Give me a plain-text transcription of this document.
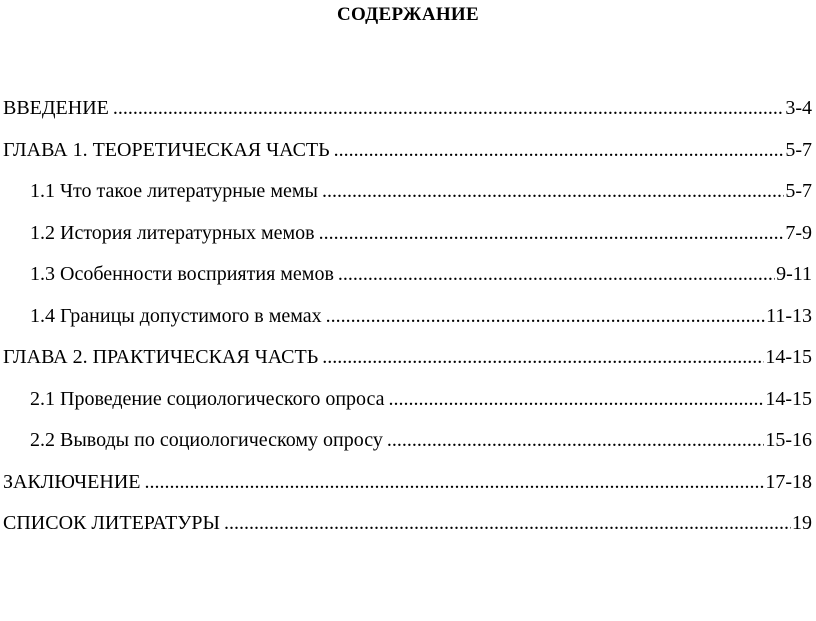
СОДЕРЖАНИЕ
ВВЕДЕНИЕ .....	3-4
ГЛАВА 1. ТЕОРЕТИЧЕСКАЯ ЧАСТЬ .....	5-7
1.1 Что такое литературные мемы .....	5-7
1.2 История литературных мемов .....	7-9
1.3 Особенности восприятия мемов .....	9-11
1.4 Границы допустимого в мемах .....	11-13
ГЛАВА 2. ПРАКТИЧЕСКАЯ ЧАСТЬ .....	14-15
2.1 Проведение социологического опроса .....	14-15
2.2 Выводы по социологическому опросу .....	15-16
ЗАКЛЮЧЕНИЕ .....	17-18
СПИСОК ЛИТЕРАТУРЫ .....	19
